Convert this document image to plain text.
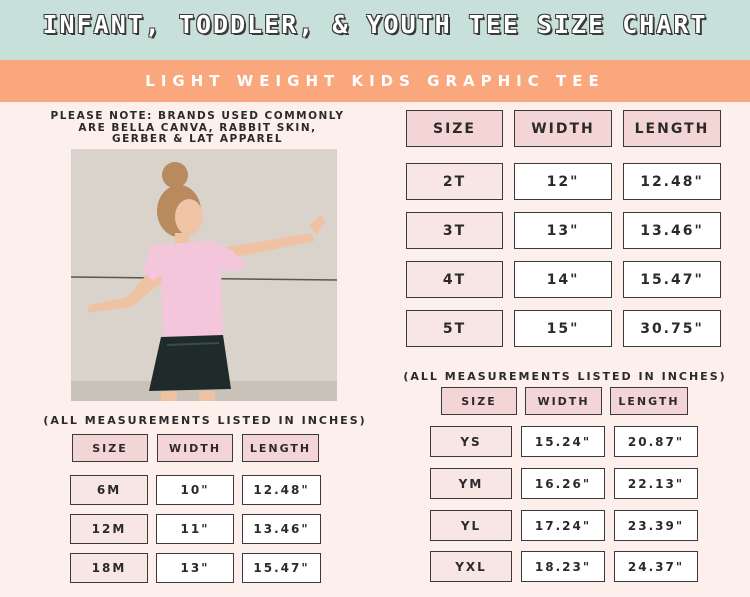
INFANT, TODDLER, & YOUTH TEE SIZE CHART
LIGHT WEIGHT KIDS GRAPHIC TEE
PLEASE NOTE: BRANDS USED COMMONLY
ARE BELLA CANVA, RABBIT SKIN,
GERBER & LAT APPAREL
SIZE	WIDTH	LENGTH
2T	12"	12.48"
3T	13"	13.46"
4T	14"	15.47"
5T	15"	30.75"
(ALL MEASUREMENTS LISTED IN INCHES)
SIZE	WIDTH	LENGTH
YS	15.24"	20.87"
YM	16.26"	22.13"
YL	17.24"	23.39"
YXL	18.23"	24.37"
(ALL MEASUREMENTS LISTED IN INCHES)
SIZE	WIDTH	LENGTH
6M	10"	12.48"
12M	11"	13.46"
18M	13"	15.47"
